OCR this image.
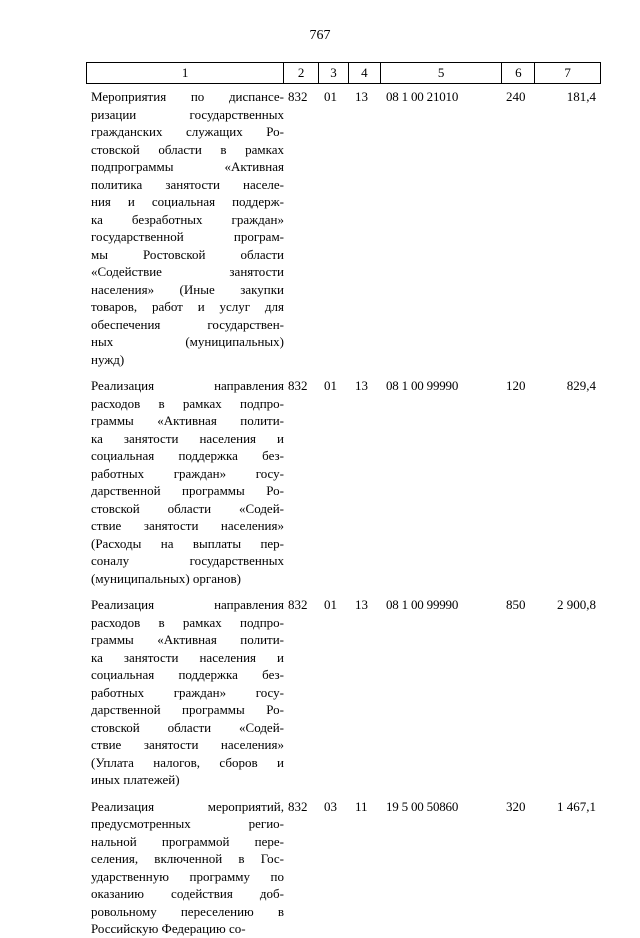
767
1	2	3	4	5	6	7
Мероприятия по диспансе-
ризации государственных
гражданских служащих Ро-
стовской области в рамках
подпрограммы «Активная
политика занятости населе-
ния и социальная поддерж-
ка безработных граждан»
государственной програм-
мы Ростовской области
«Содействие занятости
населения» (Иные закупки
товаров, работ и услуг для
обеспечения государствен-
ных (муниципальных)
нужд)
832	01	13	08 1 00 21010	240	181,4
Реализация направления
расходов в рамках подпро-
граммы «Активная полити-
ка занятости населения и
социальная поддержка без-
работных граждан» госу-
дарственной программы Ро-
стовской области «Содей-
ствие занятости населения»
(Расходы на выплаты пер-
соналу государственных
(муниципальных) органов)
832	01	13	08 1 00 99990	120	829,4
Реализация направления
расходов в рамках подпро-
граммы «Активная полити-
ка занятости населения и
социальная поддержка без-
работных граждан» госу-
дарственной программы Ро-
стовской области «Содей-
ствие занятости населения»
(Уплата налогов, сборов и
иных платежей)
832	01	13	08 1 00 99990	850	2 900,8
Реализация мероприятий,
предусмотренных регио-
нальной программой пере-
селения, включенной в Гос-
ударственную программу по
оказанию содействия доб-
ровольному переселению в
Российскую Федерацию со-
832	03	11	19 5 00 50860	320	1 467,1
